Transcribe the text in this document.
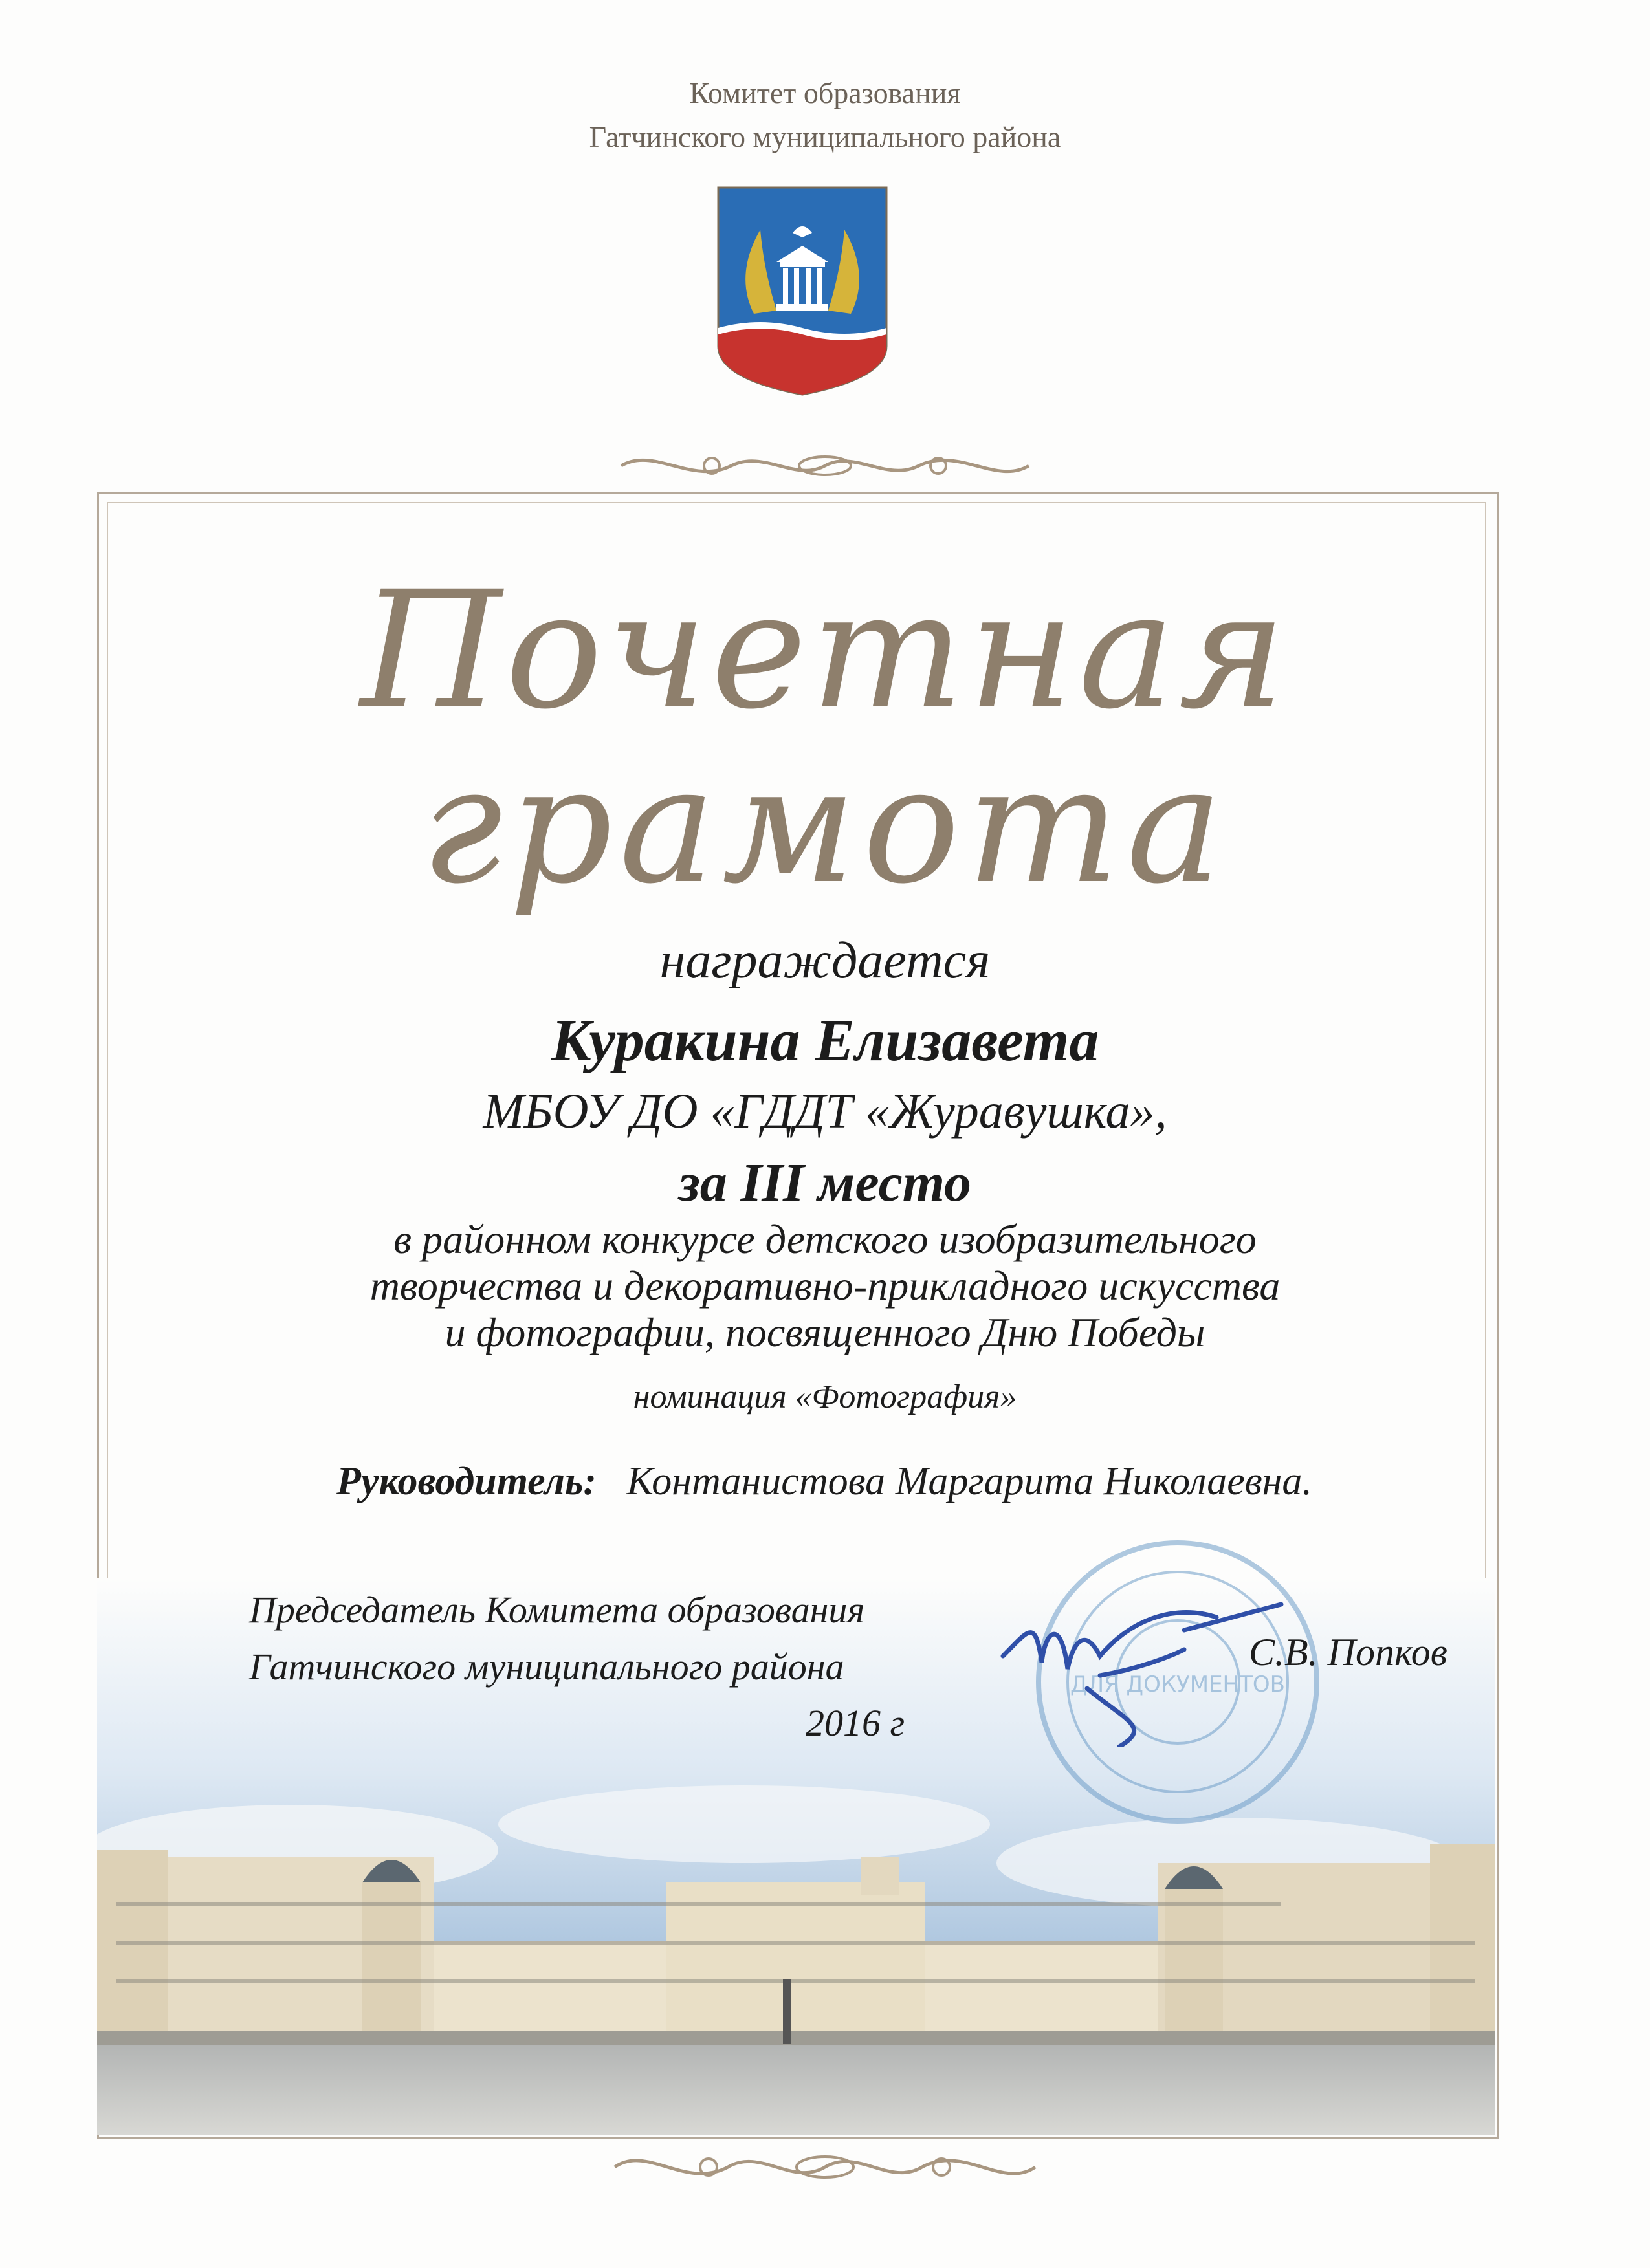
Комитет образования
Гатчинского муниципального района
Почетная
грамота
награждается
Куракина Елизавета
МБОУ ДО «ГДДТ «Журавушка»,
за III место
в районном конкурсе детского изобразительного
творчества и декоративно-прикладного искусства
и фотографии, посвященного Дню Победы
номинация «Фотография»
Руководитель: Контанистова Маргарита Николаевна.
ДЛЯ ДОКУМЕНТОВ
Председатель Комитета образования
Гатчинского муниципального района	С.В. Попков
2016 г
